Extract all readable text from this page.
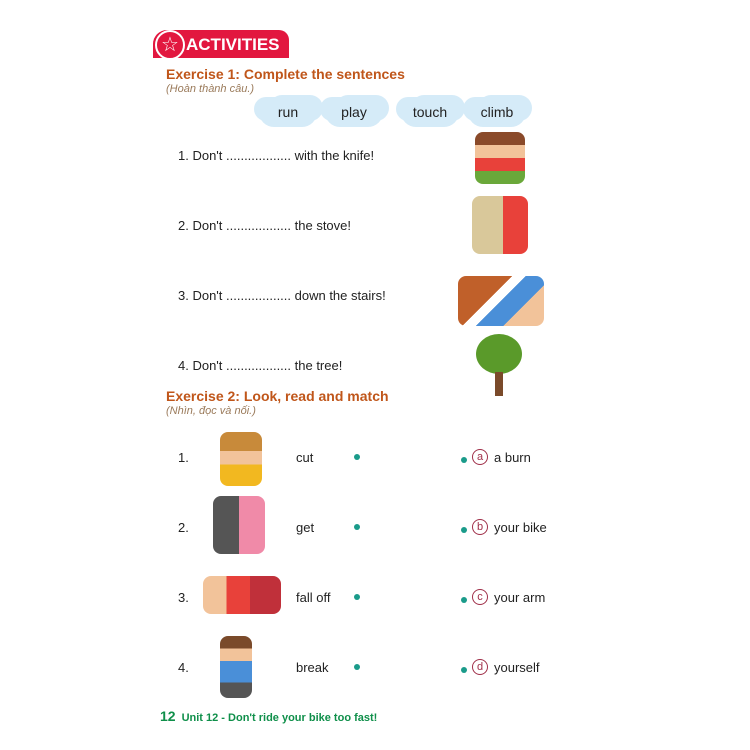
☆ ACTIVITIES
Exercise 1: Complete the sentences
(Hoàn thành câu.)
run	play	touch	climb
1. Don't .................. with the knife!
2. Don't .................. the stove!
3. Don't .................. down the stairs!
4. Don't .................. the tree!
Exercise 2: Look, read and match
(Nhìn, đọc và nối.)
1.	cut	a a burn
2.	get	b your bike
3.	fall off	c your arm
4.	break	d yourself
12 Unit 12 - Don't ride your bike too fast!
